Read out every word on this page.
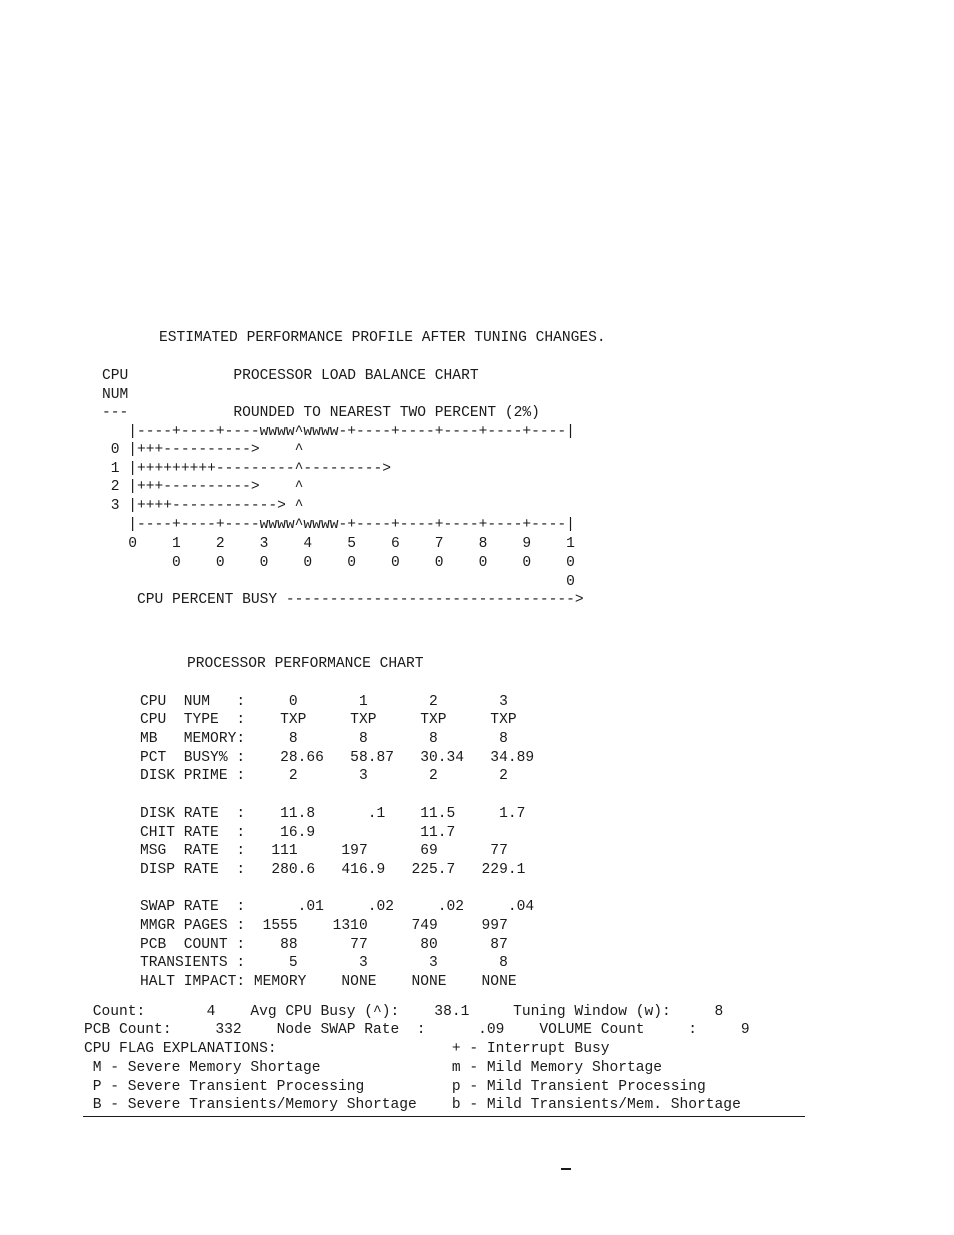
ESTIMATED PERFORMANCE PROFILE AFTER TUNING CHANGES.
CPU            PROCESSOR LOAD BALANCE CHART
NUM
---            ROUNDED TO NEAREST TWO PERCENT (2%)
|----+----+----wwww^wwww-+----+----+----+----+----|
0 |+++---------->    ^
1 |+++++++++---------^--------->
2 |+++---------->    ^
3 |++++------------> ^
|----+----+----wwww^wwww-+----+----+----+----+----|
0    1    2    3    4    5    6    7    8    9    1
0    0    0    0    0    0    0    0    0    0
0
CPU PERCENT BUSY --------------------------------->
PROCESSOR PERFORMANCE CHART
CPU  NUM   :     0       1       2       3
CPU  TYPE  :    TXP     TXP     TXP     TXP
MB   MEMORY:     8       8       8       8
PCT  BUSY% :    28.66   58.87   30.34   34.89
DISK PRIME :     2       3       2       2
DISK RATE  :    11.8      .1    11.5     1.7
CHIT RATE  :    16.9            11.7
MSG  RATE  :   111     197      69      77
DISP RATE  :   280.6   416.9   225.7   229.1
SWAP RATE  :      .01     .02     .02     .04
MMGR PAGES :  1555    1310     749     997
PCB  COUNT :    88      77      80      87
TRANSIENTS :     5       3       3       8
HALT IMPACT: MEMORY    NONE    NONE    NONE
Count:       4    Avg CPU Busy (^):    38.1     Tuning Window (w):     8
PCB Count:     332    Node SWAP Rate  :      .09    VOLUME Count     :     9
CPU FLAG EXPLANATIONS:                    + - Interrupt Busy
M - Severe Memory Shortage               m - Mild Memory Shortage
P - Severe Transient Processing          p - Mild Transient Processing
B - Severe Transients/Memory Shortage    b - Mild Transients/Mem. Shortage
